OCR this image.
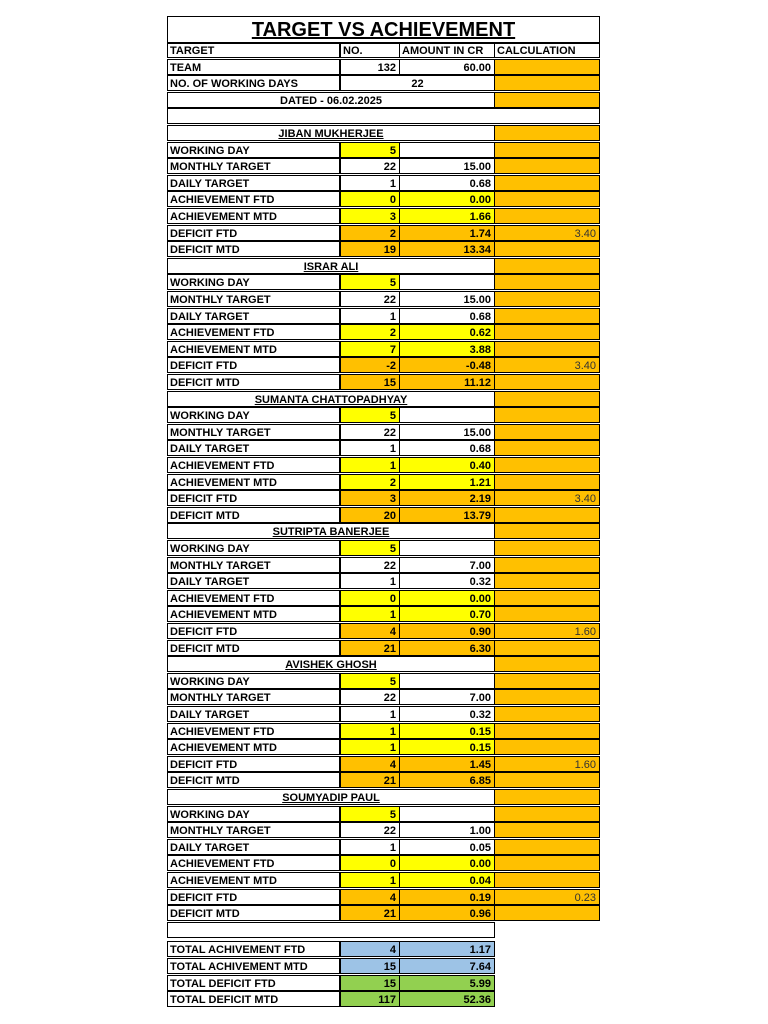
TARGET VS ACHIEVEMENT
TARGET	NO.	AMOUNT IN CR	CALCULATION
TEAM	132	60.00
NO. OF WORKING DAYS	22
DATED - 06.02.2025
JIBAN MUKHERJEE
WORKING DAY	5
MONTHLY TARGET	22	15.00
DAILY TARGET	1	0.68
ACHIEVEMENT FTD	0	0.00
ACHIEVEMENT MTD	3	1.66
DEFICIT FTD	2	1.74	3.40
DEFICIT MTD	19	13.34
ISRAR ALI
WORKING DAY	5
MONTHLY TARGET	22	15.00
DAILY TARGET	1	0.68
ACHIEVEMENT FTD	2	0.62
ACHIEVEMENT MTD	7	3.88
DEFICIT FTD	-2	-0.48	3.40
DEFICIT MTD	15	11.12
SUMANTA CHATTOPADHYAY
WORKING DAY	5
MONTHLY TARGET	22	15.00
DAILY TARGET	1	0.68
ACHIEVEMENT FTD	1	0.40
ACHIEVEMENT MTD	2	1.21
DEFICIT FTD	3	2.19	3.40
DEFICIT MTD	20	13.79
SUTRIPTA BANERJEE
WORKING DAY	5
MONTHLY TARGET	22	7.00
DAILY TARGET	1	0.32
ACHIEVEMENT FTD	0	0.00
ACHIEVEMENT MTD	1	0.70
DEFICIT FTD	4	0.90	1.60
DEFICIT MTD	21	6.30
AVISHEK GHOSH
WORKING DAY	5
MONTHLY TARGET	22	7.00
DAILY TARGET	1	0.32
ACHIEVEMENT FTD	1	0.15
ACHIEVEMENT MTD	1	0.15
DEFICIT FTD	4	1.45	1.60
DEFICIT MTD	21	6.85
SOUMYADIP PAUL
WORKING DAY	5
MONTHLY TARGET	22	1.00
DAILY TARGET	1	0.05
ACHIEVEMENT FTD	0	0.00
ACHIEVEMENT MTD	1	0.04
DEFICIT FTD	4	0.19	0.23
DEFICIT MTD	21	0.96
TOTAL ACHIVEMENT FTD	4	1.17
TOTAL ACHIVEMENT MTD	15	7.64
TOTAL DEFICIT FTD	15	5.99
TOTAL DEFICIT MTD	117	52.36
